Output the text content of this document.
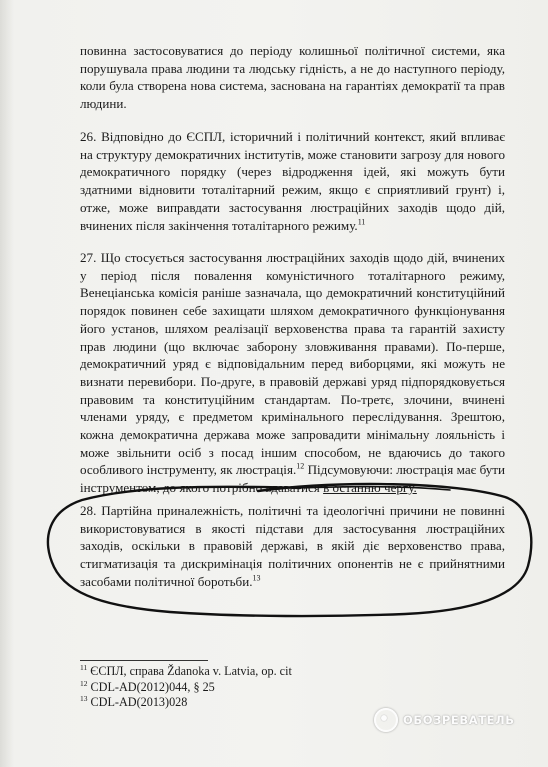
повинна застосовуватися до періоду колишньої політичної системи, яка порушувала права людини та людську гідність, а не до наступного періоду, коли була створена нова система, заснована на гарантіях демократії та прав людини.

26. Відповідно до ЄСПЛ, історичний і політичний контекст, який впливає на структуру демократичних інститутів, може становити загрозу для нового демократичного порядку (через відродження ідей, які можуть бути здатними відновити тоталітарний режим, якщо є сприятливий грунт) і, отже, може виправдати застосування люстраційних заходів щодо дій, вчинених після закінчення тоталітарного режиму.$^{11}$

27. Що стосується застосування люстраційних заходів щодо дій, вчинених у період після повалення комуністичного тоталітарного режиму, Венеціанська комісія раніше зазначала, що демократичний конституційний порядок повинен себе захищати шляхом демократичного функціонування його установ, шляхом реалізації верховенства права та гарантій захисту прав людини (що включає заборону зловживання правами). По-перше, демократичний уряд є відповідальним перед виборцями, які можуть не визнати перевибори. По-друге, в правовій державі уряд підпорядковується правовим та конституційним стандартам. По-третє, злочини, вчинені членами уряду, є предметом кримінального переслідування. Зрештою, кожна демократична держава може запровадити мінімальну лояльність і може звільнити осіб з посад іншим способом, не вдаючись до такого особливого інструменту, як люстрація.$^{12}$ Підсумовуючи: люстрація має бути інструментом, до якого потрібно вдаватися в останню чергу.

28. Партійна приналежність, політичні та ідеологічні причини не повинні використовуватися в якості підстави для застосування люстраційних заходів, оскільки в правовій державі, в якій діє верховенство права, стигматизація та дискримінація політичних опонентів не є прийнятними засобами політичної боротьби.$^{13}$

$^{11}$ ЄСПЛ, справа Ždanoka v. Latvia, op. cit
$^{12}$ CDL-AD(2012)044, § 25
$^{13}$ CDL-AD(2013)028
ОБОЗРЕВАТЕЛЬ
